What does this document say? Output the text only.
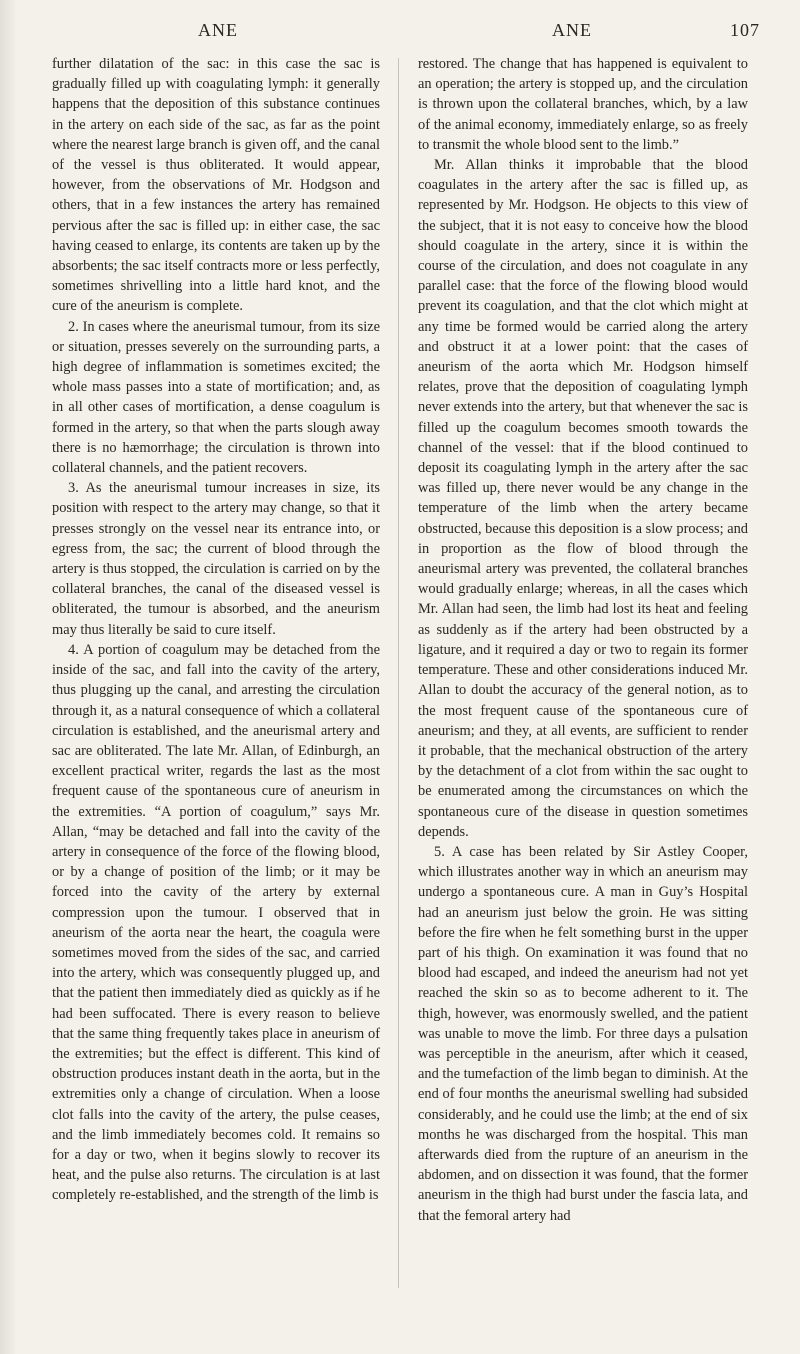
ANE	ANE	107

further dilatation of the sac: in this case the sac is gradually filled up with coagulating lymph: it generally happens that the deposition of this substance continues in the artery on each side of the sac, as far as the point where the nearest large branch is given off, and the canal of the vessel is thus obliterated. It would appear, however, from the observations of Mr. Hodgson and others, that in a few instances the artery has remained pervious after the sac is filled up: in either case, the sac having ceased to enlarge, its contents are taken up by the absorbents; the sac itself contracts more or less perfectly, sometimes shrivelling into a little hard knot, and the cure of the aneurism is complete.

2. In cases where the aneurismal tumour, from its size or situation, presses severely on the surrounding parts, a high degree of inflammation is sometimes excited; the whole mass passes into a state of mortification; and, as in all other cases of mortification, a dense coagulum is formed in the artery, so that when the parts slough away there is no hæmorrhage; the circulation is thrown into collateral channels, and the patient recovers.

3. As the aneurismal tumour increases in size, its position with respect to the artery may change, so that it presses strongly on the vessel near its entrance into, or egress from, the sac; the current of blood through the artery is thus stopped, the circulation is carried on by the collateral branches, the canal of the diseased vessel is obliterated, the tumour is absorbed, and the aneurism may thus literally be said to cure itself.

4. A portion of coagulum may be detached from the inside of the sac, and fall into the cavity of the artery, thus plugging up the canal, and arresting the circulation through it, as a natural consequence of which a collateral circulation is established, and the aneurismal artery and sac are obliterated. The late Mr. Allan, of Edinburgh, an excellent practical writer, regards the last as the most frequent cause of the spontaneous cure of aneurism in the extremities. “A portion of coagulum,” says Mr. Allan, “may be detached and fall into the cavity of the artery in consequence of the force of the flowing blood, or by a change of position of the limb; or it may be forced into the cavity of the artery by external compression upon the tumour. I observed that in aneurism of the aorta near the heart, the coagula were sometimes moved from the sides of the sac, and carried into the artery, which was consequently plugged up, and that the patient then immediately died as quickly as if he had been suffocated. There is every reason to believe that the same thing frequently takes place in aneurism of the extremities; but the effect is different. This kind of obstruction produces instant death in the aorta, but in the extremities only a change of circulation. When a loose clot falls into the cavity of the artery, the pulse ceases, and the limb immediately becomes cold. It remains so for a day or two, when it begins slowly to recover its heat, and the pulse also returns. The circulation is at last completely re-established, and the strength of the limb is

restored. The change that has happened is equivalent to an operation; the artery is stopped up, and the circulation is thrown upon the collateral branches, which, by a law of the animal economy, immediately enlarge, so as freely to transmit the whole blood sent to the limb.”

Mr. Allan thinks it improbable that the blood coagulates in the artery after the sac is filled up, as represented by Mr. Hodgson. He objects to this view of the subject, that it is not easy to conceive how the blood should coagulate in the artery, since it is within the course of the circulation, and does not coagulate in any parallel case: that the force of the flowing blood would prevent its coagulation, and that the clot which might at any time be formed would be carried along the artery and obstruct it at a lower point: that the cases of aneurism of the aorta which Mr. Hodgson himself relates, prove that the deposition of coagulating lymph never extends into the artery, but that whenever the sac is filled up the coagulum becomes smooth towards the channel of the vessel: that if the blood continued to deposit its coagulating lymph in the artery after the sac was filled up, there never would be any change in the temperature of the limb when the artery became obstructed, because this deposition is a slow process; and in proportion as the flow of blood through the aneurismal artery was prevented, the collateral branches would gradually enlarge; whereas, in all the cases which Mr. Allan had seen, the limb had lost its heat and feeling as suddenly as if the artery had been obstructed by a ligature, and it required a day or two to regain its former temperature. These and other considerations induced Mr. Allan to doubt the accuracy of the general notion, as to the most frequent cause of the spontaneous cure of aneurism; and they, at all events, are sufficient to render it probable, that the mechanical obstruction of the artery by the detachment of a clot from within the sac ought to be enumerated among the circumstances on which the spontaneous cure of the disease in question sometimes depends.

5. A case has been related by Sir Astley Cooper, which illustrates another way in which an aneurism may undergo a spontaneous cure. A man in Guy’s Hospital had an aneurism just below the groin. He was sitting before the fire when he felt something burst in the upper part of his thigh. On examination it was found that no blood had escaped, and indeed the aneurism had not yet reached the skin so as to become adherent to it. The thigh, however, was enormously swelled, and the patient was unable to move the limb. For three days a pulsation was perceptible in the aneurism, after which it ceased, and the tumefaction of the limb began to diminish. At the end of four months the aneurismal swelling had subsided considerably, and he could use the limb; at the end of six months he was discharged from the hospital. This man afterwards died from the rupture of an aneurism in the abdomen, and on dissection it was found, that the former aneurism in the thigh had burst under the fascia lata, and that the femoral artery had
